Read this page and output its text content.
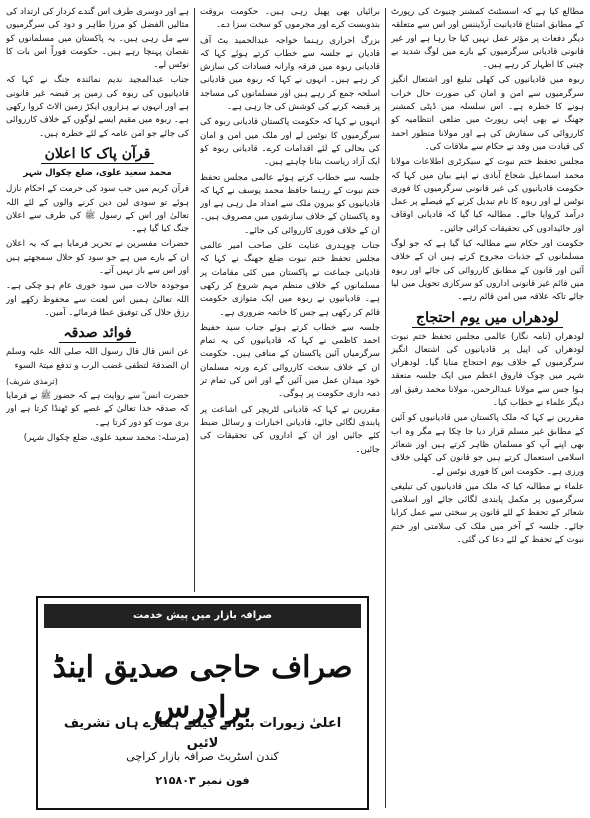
مطالع کیا ہے کہ اسسٹنٹ کمشنر چنیوٹ کی رپورٹ کے مطابق امتناع قادیانیت آرڈیننس اور اس سے متعلقہ دیگر دفعات پر مؤثر عمل نہیں کیا جا رہا ہے اور غیر قانونی قادیانی سرگرمیوں کے بارے میں لوگ شدید بے چینی کا اظہار کر رہے ہیں۔

ربوہ میں قادیانیوں کی کھلی تبلیغ اور اشتعال انگیز سرگرمیوں سے امن و امان کی صورت حال خراب ہونے کا خطرہ ہے۔ اس سلسلہ میں ڈپٹی کمشنر جھنگ نے بھی اپنی رپورٹ میں ضلعی انتظامیہ کو کارروائی کی سفارش کی ہے اور مولانا منظور احمد کی قیادت میں وفد نے حکام سے ملاقات کی۔

مجلس تحفظ ختم نبوت کے سیکرٹری اطلاعات مولانا محمد اسماعیل شجاع آبادی نے اپنے بیان میں کہا کہ حکومت قادیانیوں کی غیر قانونی سرگرمیوں کا فوری نوٹس لے اور ربوہ کا نام تبدیل کرنے کے فیصلے پر عمل درآمد کروایا جائے۔ مطالبہ کیا گیا کہ قادیانی اوقاف اور جائیدادوں کی تحقیقات کرائی جائیں۔

حکومت اور حکام سے مطالبہ کیا گیا ہے کہ جو لوگ مسلمانوں کے جذبات مجروح کرتے ہیں ان کے خلاف آئین اور قانون کے مطابق کارروائی کی جائے اور ربوہ میں قائم غیر قانونی اداروں کو سرکاری تحویل میں لیا جائے تاکہ علاقہ میں امن قائم رہے۔

لودھراں میں یوم احتجاج

لودھراں (نامہ نگار) عالمی مجلس تحفظ ختم نبوت لودھراں کی اپیل پر قادیانیوں کی اشتعال انگیز سرگرمیوں کے خلاف یوم احتجاج منایا گیا۔ لودھراں شہر میں چوک فاروق اعظم میں ایک جلسہ منعقد ہوا جس سے مولانا عبدالرحمن، مولانا محمد رفیق اور دیگر علماء نے خطاب کیا۔

مقررین نے کہا کہ ملک پاکستان میں قادیانیوں کو آئین کے مطابق غیر مسلم قرار دیا جا چکا ہے مگر وہ اب بھی اپنے آپ کو مسلمان ظاہر کرتے ہیں اور شعائر اسلامی استعمال کرتے ہیں جو قانون کی کھلی خلاف ورزی ہے۔ حکومت اس کا فوری نوٹس لے۔

علماء نے مطالبہ کیا کہ ملک میں قادیانیوں کی تبلیغی سرگرمیوں پر مکمل پابندی لگائی جائے اور اسلامی شعائر کے تحفظ کے لئے قانون پر سختی سے عمل کرایا جائے۔ جلسہ کے آخر میں ملک کی سلامتی اور ختم نبوت کے تحفظ کے لئے دعا کی گئی۔

برائیاں بھی پھیل رہی ہیں۔ حکومت بروقت بندوبست کرے اور مجرموں کو سخت سزا دے۔

بزرگ احراری رہنما خواجہ عبدالحمید بٹ آف قادیان نے جلسہ سے خطاب کرتے ہوئے کہا کہ قادیانی ربوہ میں فرقہ وارانہ فسادات کی سازش کر رہے ہیں۔ انہوں نے کہا کہ ربوہ میں قادیانی اسلحہ جمع کر رہے ہیں اور مسلمانوں کی مساجد پر قبضہ کرنے کی کوشش کی جا رہی ہے۔

انہوں نے کہا کہ حکومت پاکستان قادیانی ربوہ کی سرگرمیوں کا نوٹس لے اور ملک میں امن و امان کی بحالی کے لئے اقدامات کرے۔ قادیانی ربوہ کو ایک آزاد ریاست بنانا چاہتے ہیں۔

جلسہ سے خطاب کرتے ہوئے عالمی مجلس تحفظ ختم نبوت کے رہنما حافظ محمد یوسف نے کہا کہ قادیانیوں کو بیرون ملک سے امداد مل رہی ہے اور وہ پاکستان کے خلاف سازشوں میں مصروف ہیں۔ ان کے خلاف فوری کارروائی کی جائے۔

جناب چوہدری عنایت علی صاحب امیر عالمی مجلس تحفظ ختم نبوت ضلع جھنگ نے کہا کہ قادیانی جماعت نے پاکستان میں کئی مقامات پر مسلمانوں کے خلاف منظم مہم شروع کر رکھی ہے۔ قادیانیوں نے ربوہ میں ایک متوازی حکومت قائم کر رکھی ہے جس کا خاتمہ ضروری ہے۔

جلسہ سے خطاب کرتے ہوئے جناب سید حفیظ احمد کاظمی نے کہا کہ قادیانیوں کی یہ تمام سرگرمیاں آئین پاکستان کے منافی ہیں۔ حکومت ان کے خلاف سخت کارروائی کرے ورنہ مسلمان خود میدان عمل میں آئیں گے اور اس کی تمام تر ذمہ داری حکومت پر ہوگی۔

مقررین نے کہا کہ قادیانی لٹریچر کی اشاعت پر پابندی لگائی جائے، قادیانی اخبارات و رسائل ضبط کئے جائیں اور ان کے اداروں کی تحقیقات کی جائیں۔

ہے اور دوسری طرف اس گندے کردار کی ارتداد کی مثالیں الفضل کو مرزا طاہر و دود کی سرگرمیوں سے مل رہی ہیں۔ یہ پاکستان میں مسلمانوں کو نقصان پہنچا رہے ہیں۔ حکومت فوراً اس بات کا نوٹس لے۔

جناب عبدالمجید ندیم نمائندہ جنگ نے کہا کہ قادیانیوں کی ربوہ کی زمین پر قبضہ غیر قانونی ہے اور انہوں نے ہزاروں ایکڑ زمین الاٹ کروا رکھی ہے۔ ربوہ میں مقیم ایسے لوگوں کے خلاف کارروائی کی جائے جو امن عامہ کے لئے خطرہ ہیں۔

قرآن پاک کا اعلان
محمد سعید علوی، ضلع چکوال شہر

قرآن کریم میں جب سود کی حرمت کے احکام نازل ہوئے تو سودی لین دین کرنے والوں کے لئے اللہ تعالیٰ اور اس کے رسول ﷺ کی طرف سے اعلان جنگ کیا گیا ہے۔

حضرات مفسرین نے تحریر فرمایا ہے کہ یہ اعلان ان کے بارے میں ہے جو سود کو حلال سمجھتے ہیں اور اس سے باز نہیں آتے۔

موجودہ حالات میں سود خوری عام ہو چکی ہے۔ اللہ تعالیٰ ہمیں اس لعنت سے محفوظ رکھے اور رزق حلال کی توفیق عطا فرمائے۔ آمین۔

فوائد صدقہ

عن انس قال قال رسول اللہ صلی اللہ علیہ وسلم ان الصدقۃ لتطفی غضب الرب و تدفع میتۃ السوء

(ترمذی شریف)

حضرت انس ؓ سے روایت ہے کہ حضور ﷺ نے فرمایا کہ صدقہ خدا تعالیٰ کے غصے کو ٹھنڈا کرتا ہے اور بری موت کو دور کرتا ہے۔

(مرسلہ: محمد سعید علوی، ضلع چکوال شہر)

صرافہ بازار میں پیش خدمت
صراف حاجی صدیق اینڈ برادرس
اعلیٰ زیورات بنوانے کیلئے ہمارے ہاں تشریف لائیں
کندن اسٹریٹ صرافہ بازار کراچی
فون نمبر ۲۱۵۸۰۳
